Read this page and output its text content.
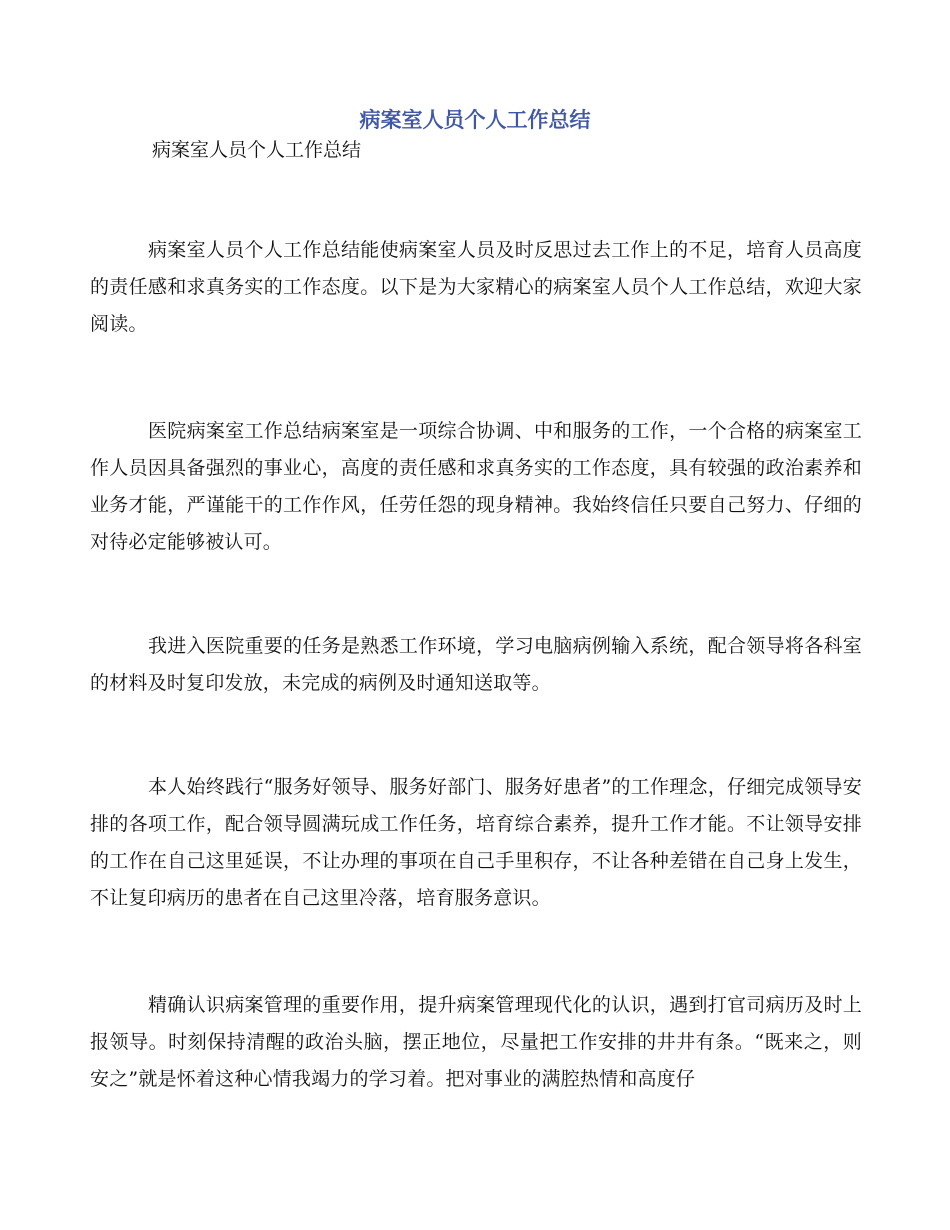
病案室人员个人工作总结

病案室人员个人工作总结

病案室人员个人工作总结能使病案室人员及时反思过去工作上的不足，培育人员高度的责任感和求真务实的工作态度。以下是为大家精心的病案室人员个人工作总结，欢迎大家阅读。

医院病案室工作总结病案室是一项综合协调、中和服务的工作，一个合格的病案室工作人员因具备强烈的事业心，高度的责任感和求真务实的工作态度，具有较强的政治素养和业务才能，严谨能干的工作作风，任劳任怨的现身精神。我始终信任只要自己努力、仔细的对待必定能够被认可。

我进入医院重要的任务是熟悉工作环境，学习电脑病例输入系统，配合领导将各科室的材料及时复印发放，未完成的病例及时通知送取等。

本人始终践行“服务好领导、服务好部门、服务好患者”的工作理念，仔细完成领导安排的各项工作，配合领导圆满玩成工作任务，培育综合素养，提升工作才能。不让领导安排的工作在自己这里延误，不让办理的事项在自己手里积存，不让各种差错在自己身上发生，不让复印病历的患者在自己这里冷落，培育服务意识。

精确认识病案管理的重要作用，提升病案管理现代化的认识，遇到打官司病历及时上报领导。时刻保持清醒的政治头脑，摆正地位，尽量把工作安排的井井有条。“既来之，则安之”就是怀着这种心情我竭力的学习着。把对事业的满腔热情和高度仔
